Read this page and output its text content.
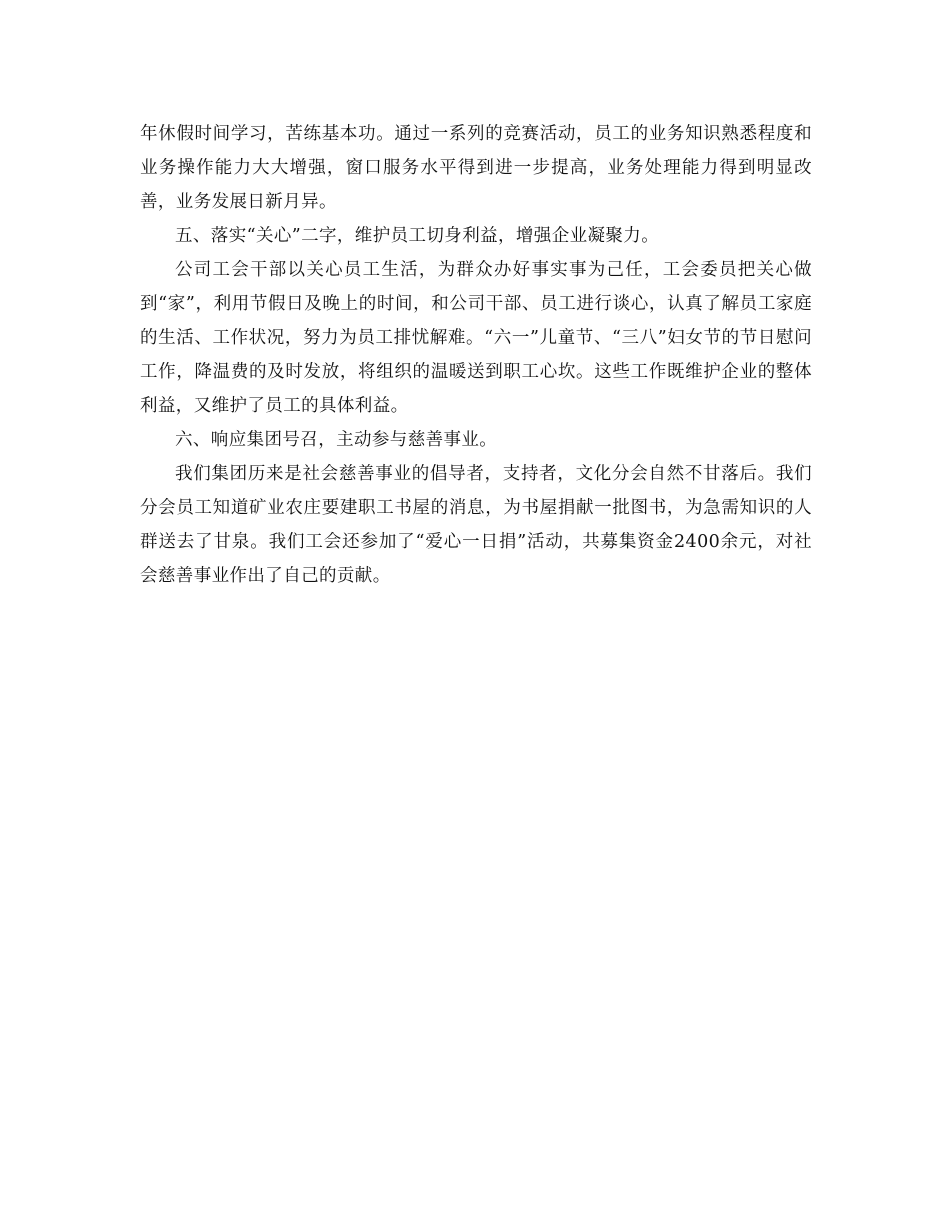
年休假时间学习，苦练基本功。通过一系列的竞赛活动，员工的业务知识熟悉程度和业务操作能力大大增强，窗口服务水平得到进一步提高，业务处理能力得到明显改善，业务发展日新月异。

五、落实“关心”二字，维护员工切身利益，增强企业凝聚力。

公司工会干部以关心员工生活，为群众办好事实事为己任，工会委员把关心做到“家”，利用节假日及晚上的时间，和公司干部、员工进行谈心，认真了解员工家庭的生活、工作状况，努力为员工排忧解难。“六一”儿童节、“三八”妇女节的节日慰问工作，降温费的及时发放，将组织的温暖送到职工心坎。这些工作既维护企业的整体利益，又维护了员工的具体利益。

六、响应集团号召，主动参与慈善事业。

我们集团历来是社会慈善事业的倡导者，支持者，文化分会自然不甘落后。我们分会员工知道矿业农庄要建职工书屋的消息，为书屋捐献一批图书，为急需知识的人群送去了甘泉。我们工会还参加了“爱心一日捐”活动，共募集资金2400余元，对社会慈善事业作出了自己的贡献。
